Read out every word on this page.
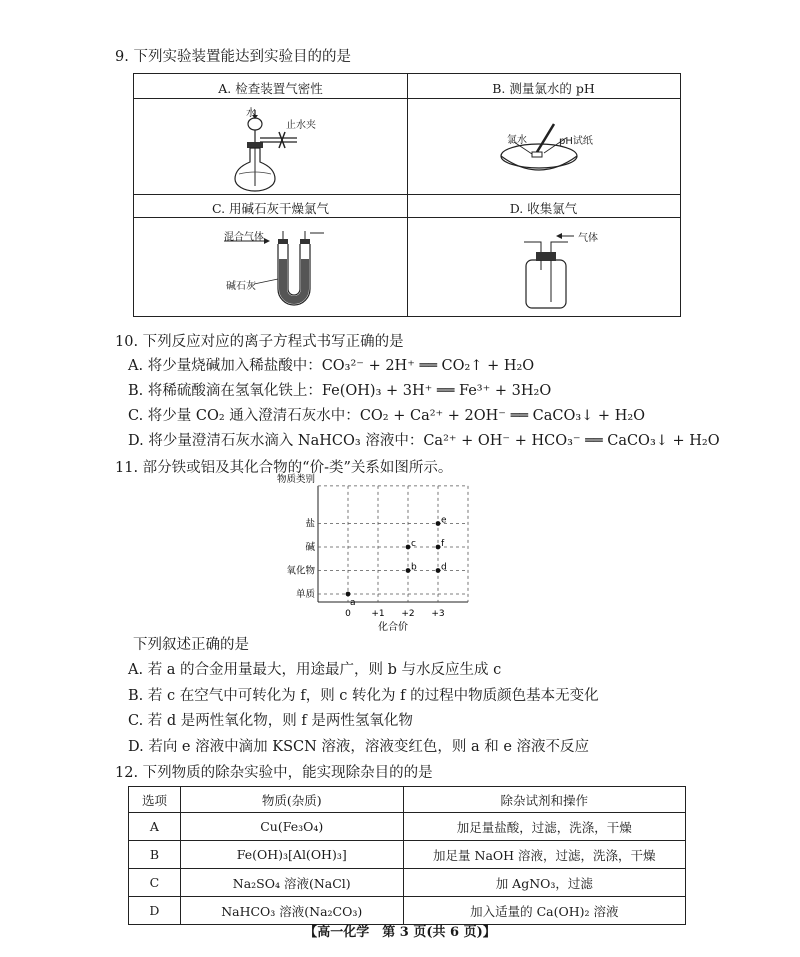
9. 下列实验装置能达到实验目的的是
A. 检查装置气密性	B. 测量氯水的 pH
C. 用碱石灰干燥氯气	D. 收集氯气
水
止水夹
氯水	pH试纸
混合气体
碱石灰
气体
10. 下列反应对应的离子方程式书写正确的是
A. 将少量烧碱加入稀盐酸中：CO₃²⁻ + 2H⁺ ══ CO₂↑ + H₂O
B. 将稀硫酸滴在氢氧化铁上：Fe(OH)₃ + 3H⁺ ══ Fe³⁺ + 3H₂O
C. 将少量 CO₂ 通入澄清石灰水中：CO₂ + Ca²⁺ + 2OH⁻ ══ CaCO₃↓ + H₂O
D. 将少量澄清石灰水滴入 NaHCO₃ 溶液中：Ca²⁺ + OH⁻ + HCO₃⁻ ══ CaCO₃↓ + H₂O
11. 部分铁或铝及其化合物的“价-类”关系如图所示。
0 +1 +2 +3
单质
氧化物
碱
盐
物质类别
化合价
a
b
c
d
f
e
下列叙述正确的是
A. 若 a 的合金用量最大，用途最广，则 b 与水反应生成 c
B. 若 c 在空气中可转化为 f，则 c 转化为 f 的过程中物质颜色基本无变化
C. 若 d 是两性氧化物，则 f 是两性氢氧化物
D. 若向 e 溶液中滴加 KSCN 溶液，溶液变红色，则 a 和 e 溶液不反应
12. 下列物质的除杂实验中，能实现除杂目的的是
选项	物质(杂质)	除杂试剂和操作
A	Cu(Fe₃O₄)	加足量盐酸，过滤，洗涤，干燥
B	Fe(OH)₃[Al(OH)₃]	加足量 NaOH 溶液，过滤，洗涤，干燥
C	Na₂SO₄ 溶液(NaCl)	加 AgNO₃，过滤
D	NaHCO₃ 溶液(Na₂CO₃)	加入适量的 Ca(OH)₂ 溶液
【高一化学　第 3 页(共 6 页)】
